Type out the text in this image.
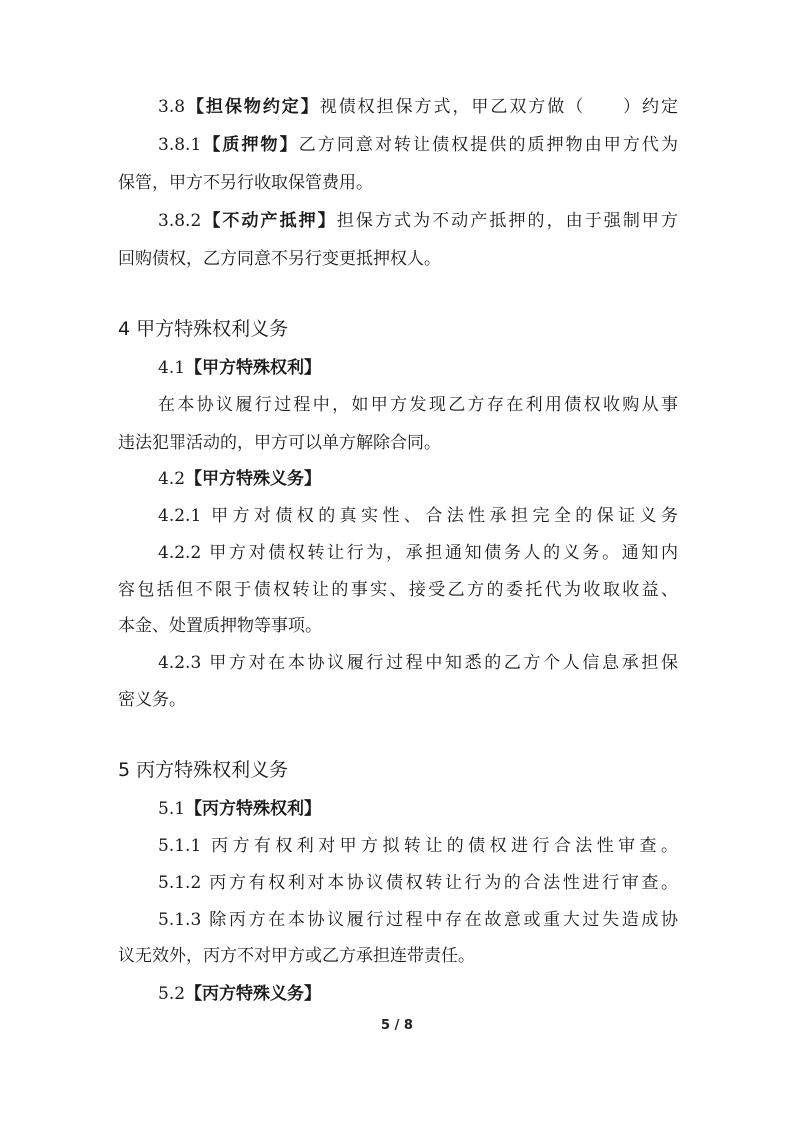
3.8【担保物约定】视债权担保方式，甲乙双方做（　　）约定

3.8.1【质押物】乙方同意对转让债权提供的质押物由甲方代为

保管，甲方不另行收取保管费用。

3.8.2【不动产抵押】担保方式为不动产抵押的，由于强制甲方

回购债权，乙方同意不另行变更抵押权人。

4 甲方特殊权利义务

4.1【甲方特殊权利】

在本协议履行过程中，如甲方发现乙方存在利用债权收购从事

违法犯罪活动的，甲方可以单方解除合同。

4.2【甲方特殊义务】

4.2.1 甲方对债权的真实性、合法性承担完全的保证义务

4.2.2 甲方对债权转让行为，承担通知债务人的义务。通知内

容包括但不限于债权转让的事实、接受乙方的委托代为收取收益、

本金、处置质押物等事项。

4.2.3 甲方对在本协议履行过程中知悉的乙方个人信息承担保

密义务。

5 丙方特殊权利义务

5.1【丙方特殊权利】

5.1.1 丙方有权利对甲方拟转让的债权进行合法性审查。

5.1.2 丙方有权利对本协议债权转让行为的合法性进行审查。

5.1.3 除丙方在本协议履行过程中存在故意或重大过失造成协

议无效外，丙方不对甲方或乙方承担连带责任。

5.2【丙方特殊义务】

5 / 8
